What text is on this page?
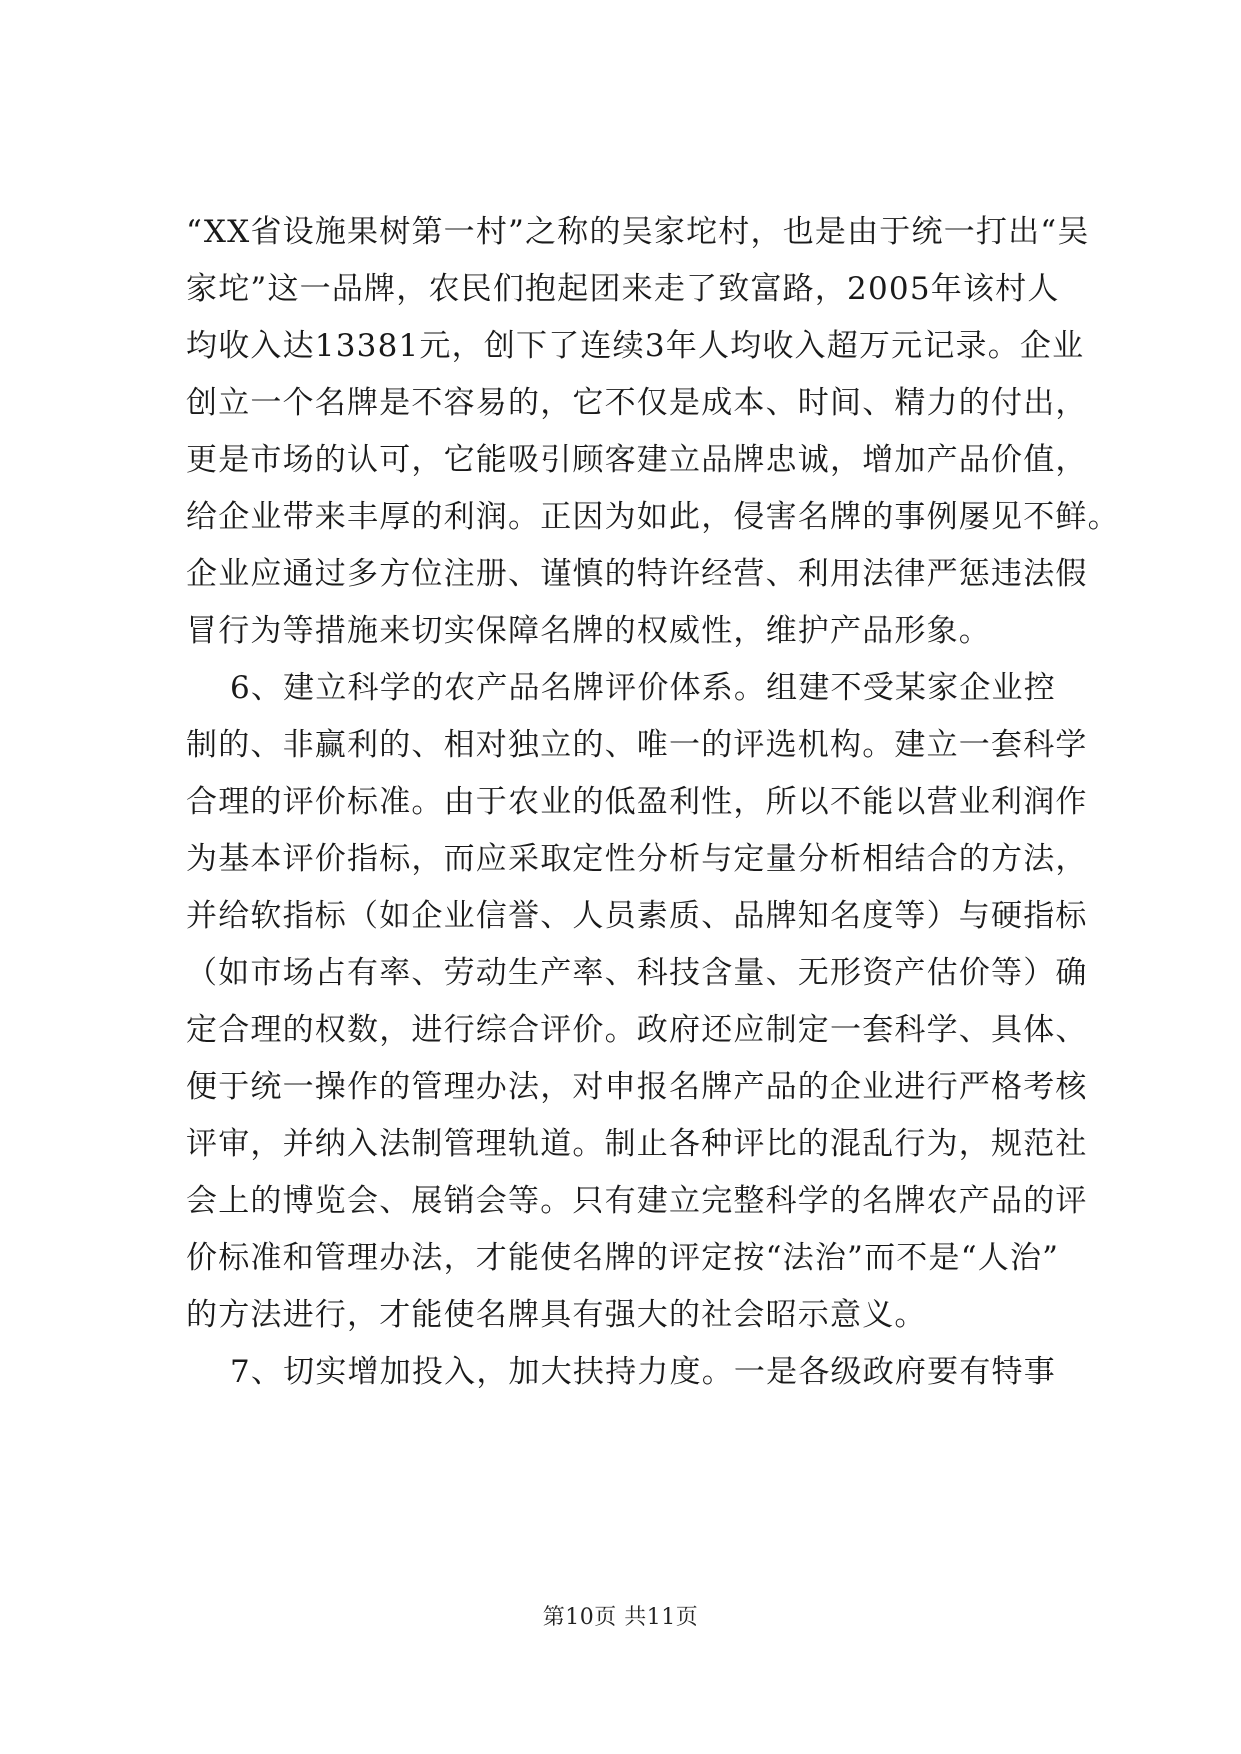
“XX省设施果树第一村”之称的吴家坨村，也是由于统一打出“吴
家坨”这一品牌，农民们抱起团来走了致富路，2005年该村人
均收入达13381元，创下了连续3年人均收入超万元记录。企业
创立一个名牌是不容易的，它不仅是成本、时间、精力的付出，
更是市场的认可，它能吸引顾客建立品牌忠诚，增加产品价值，
给企业带来丰厚的利润。正因为如此，侵害名牌的事例屡见不鲜。
企业应通过多方位注册、谨慎的特许经营、利用法律严惩违法假
冒行为等措施来切实保障名牌的权威性，维护产品形象。
6、建立科学的农产品名牌评价体系。组建不受某家企业控
制的、非赢利的、相对独立的、唯一的评选机构。建立一套科学
合理的评价标准。由于农业的低盈利性，所以不能以营业利润作
为基本评价指标，而应采取定性分析与定量分析相结合的方法，
并给软指标（如企业信誉、人员素质、品牌知名度等）与硬指标
（如市场占有率、劳动生产率、科技含量、无形资产估价等）确
定合理的权数，进行综合评价。政府还应制定一套科学、具体、
便于统一操作的管理办法，对申报名牌产品的企业进行严格考核
评审，并纳入法制管理轨道。制止各种评比的混乱行为，规范社
会上的博览会、展销会等。只有建立完整科学的名牌农产品的评
价标准和管理办法，才能使名牌的评定按“法治”而不是“人治”
的方法进行，才能使名牌具有强大的社会昭示意义。
7、切实增加投入，加大扶持力度。一是各级政府要有特事
第10页 共11页
